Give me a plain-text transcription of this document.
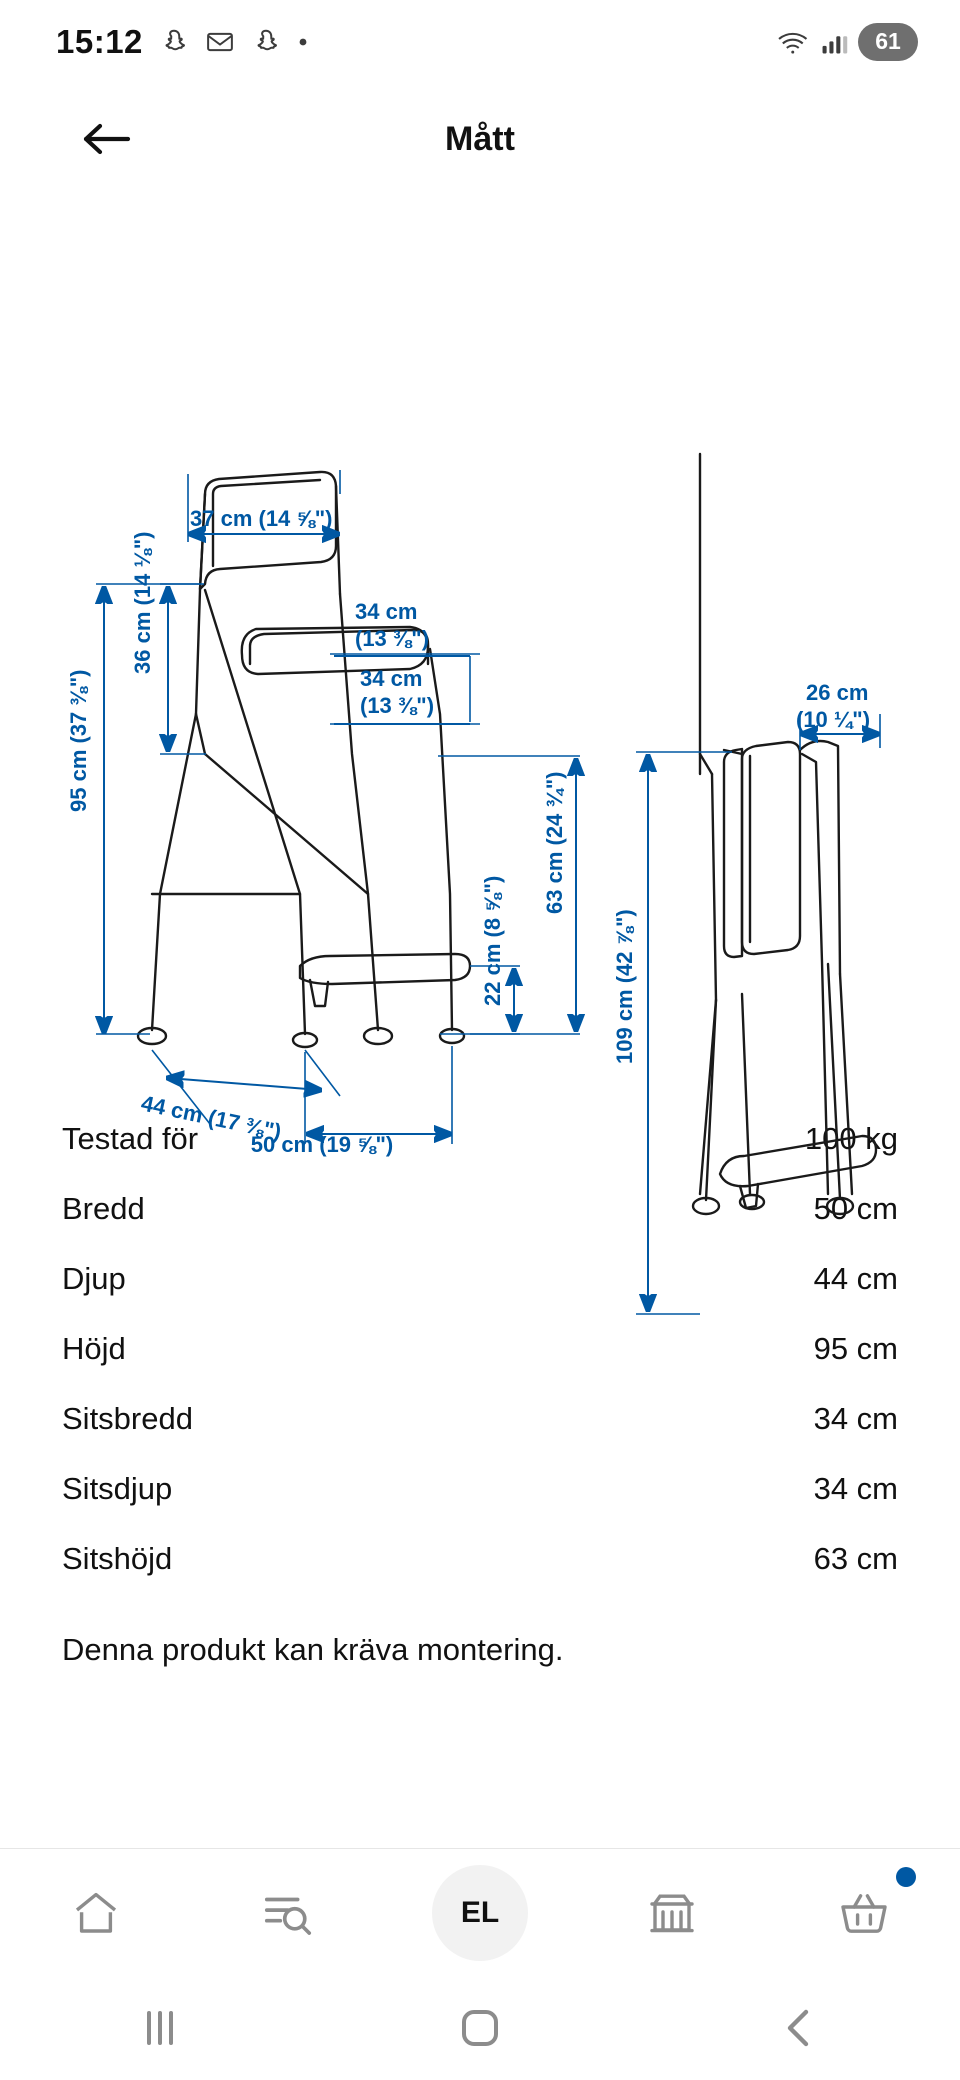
15:12	61
Mått
37 cm (14 ⅝")
34 cm
(13 ⅜")
34 cm
(13 ⅜")
36 cm (14 ⅛")
95 cm (37 ⅜")
63 cm (24 ¾")
22 cm (8 ⅝")
44 cm (17 ⅜")
50 cm (19 ⅝")
26 cm
(10 ¼")
109 cm (42 ⅞")
Testad för	100 kg
Bredd	50 cm
Djup	44 cm
Höjd	95 cm
Sitsbredd	34 cm
Sitsdjup	34 cm
Sitshöjd	63 cm
Denna produkt kan kräva montering.
EL
